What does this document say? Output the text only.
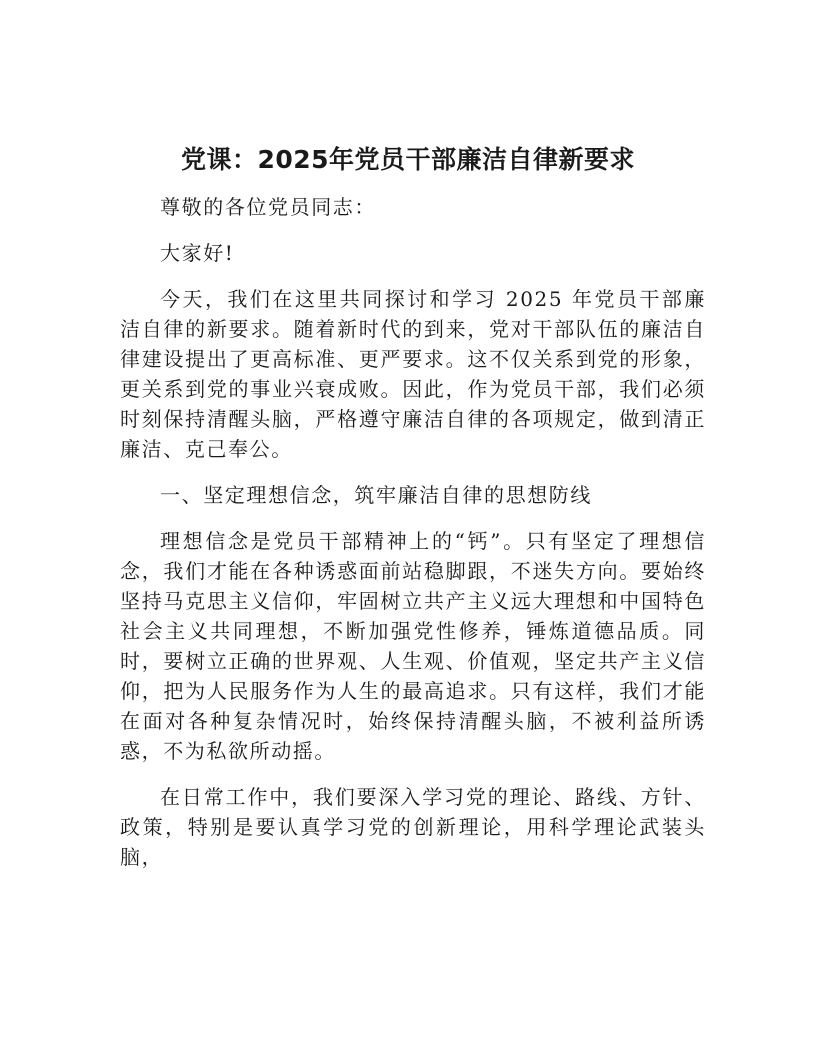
党课：2025年党员干部廉洁自律新要求

尊敬的各位党员同志：

大家好!

今天，我们在这里共同探讨和学习 2025 年党员干部廉洁自律的新要求。随着新时代的到来，党对干部队伍的廉洁自律建设提出了更高标准、更严要求。这不仅关系到党的形象，更关系到党的事业兴衰成败。因此，作为党员干部，我们必须时刻保持清醒头脑，严格遵守廉洁自律的各项规定，做到清正廉洁、克己奉公。

一、坚定理想信念，筑牢廉洁自律的思想防线

理想信念是党员干部精神上的“钙”。只有坚定了理想信念，我们才能在各种诱惑面前站稳脚跟，不迷失方向。要始终坚持马克思主义信仰，牢固树立共产主义远大理想和中国特色社会主义共同理想，不断加强党性修养，锤炼道德品质。同时，要树立正确的世界观、人生观、价值观，坚定共产主义信仰，把为人民服务作为人生的最高追求。只有这样，我们才能在面对各种复杂情况时，始终保持清醒头脑，不被利益所诱惑，不为私欲所动摇。

在日常工作中，我们要深入学习党的理论、路线、方针、政策，特别是要认真学习党的创新理论，用科学理论武装头脑，
